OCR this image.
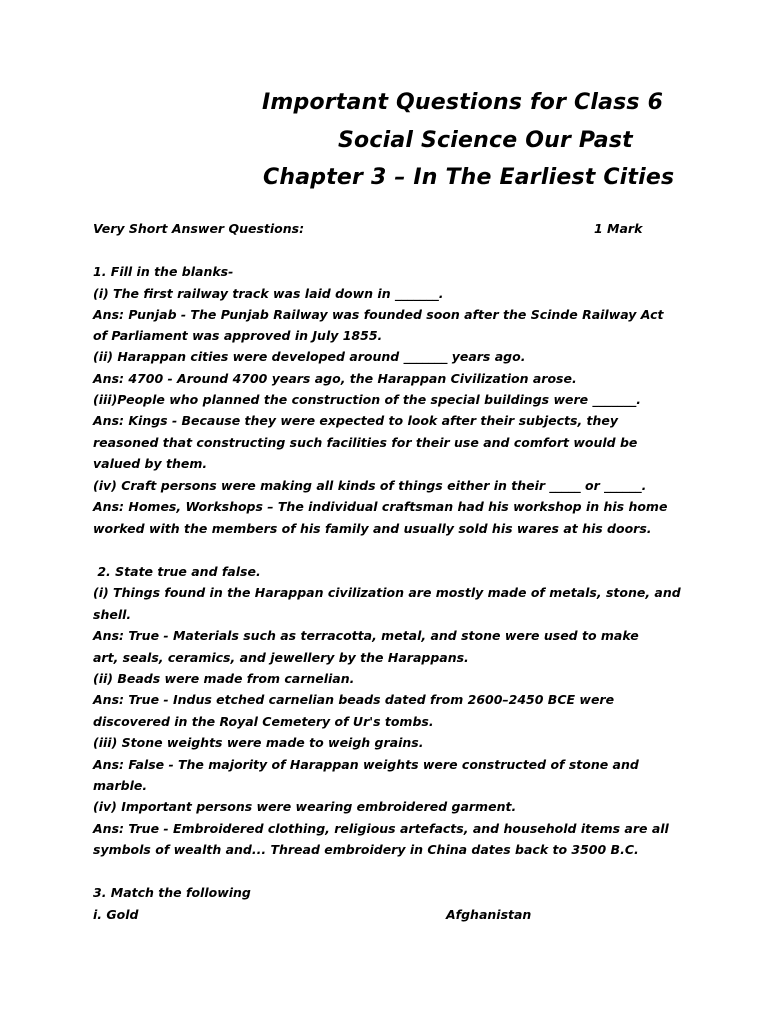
Important Questions for Class 6
Social Science Our Past
Chapter 3 – In The Earliest Cities
Very Short Answer Questions:	1 Mark
1. Fill in the blanks-
(i) The first railway track was laid down in _______.
Ans: Punjab - The Punjab Railway was founded soon after the Scinde Railway Act
of Parliament was approved in July 1855.
(ii) Harappan cities were developed around _______ years ago.
Ans: 4700 - Around 4700 years ago, the Harappan Civilization arose.
(iii)People who planned the construction of the special buildings were _______.
Ans: Kings - Because they were expected to look after their subjects, they
reasoned that constructing such facilities for their use and comfort would be
valued by them.
(iv) Craft persons were making all kinds of things either in their _____ or ______.
Ans: Homes, Workshops – The individual craftsman had his workshop in his home
worked with the members of his family and usually sold his wares at his doors.
2. State true and false.
(i) Things found in the Harappan civilization are mostly made of metals, stone, and
shell.
Ans: True - Materials such as terracotta, metal, and stone were used to make
art, seals, ceramics, and jewellery by the Harappans.
(ii) Beads were made from carnelian.
Ans: True - Indus etched carnelian beads dated from 2600–2450 BCE were
discovered in the Royal Cemetery of Ur's tombs.
(iii) Stone weights were made to weigh grains.
Ans: False - The majority of Harappan weights were constructed of stone and
marble.
(iv) Important persons were wearing embroidered garment.
Ans: True - Embroidered clothing, religious artefacts, and household items are all
symbols of wealth and... Thread embroidery in China dates back to 3500 B.C.
3. Match the following
i. Gold	Afghanistan
